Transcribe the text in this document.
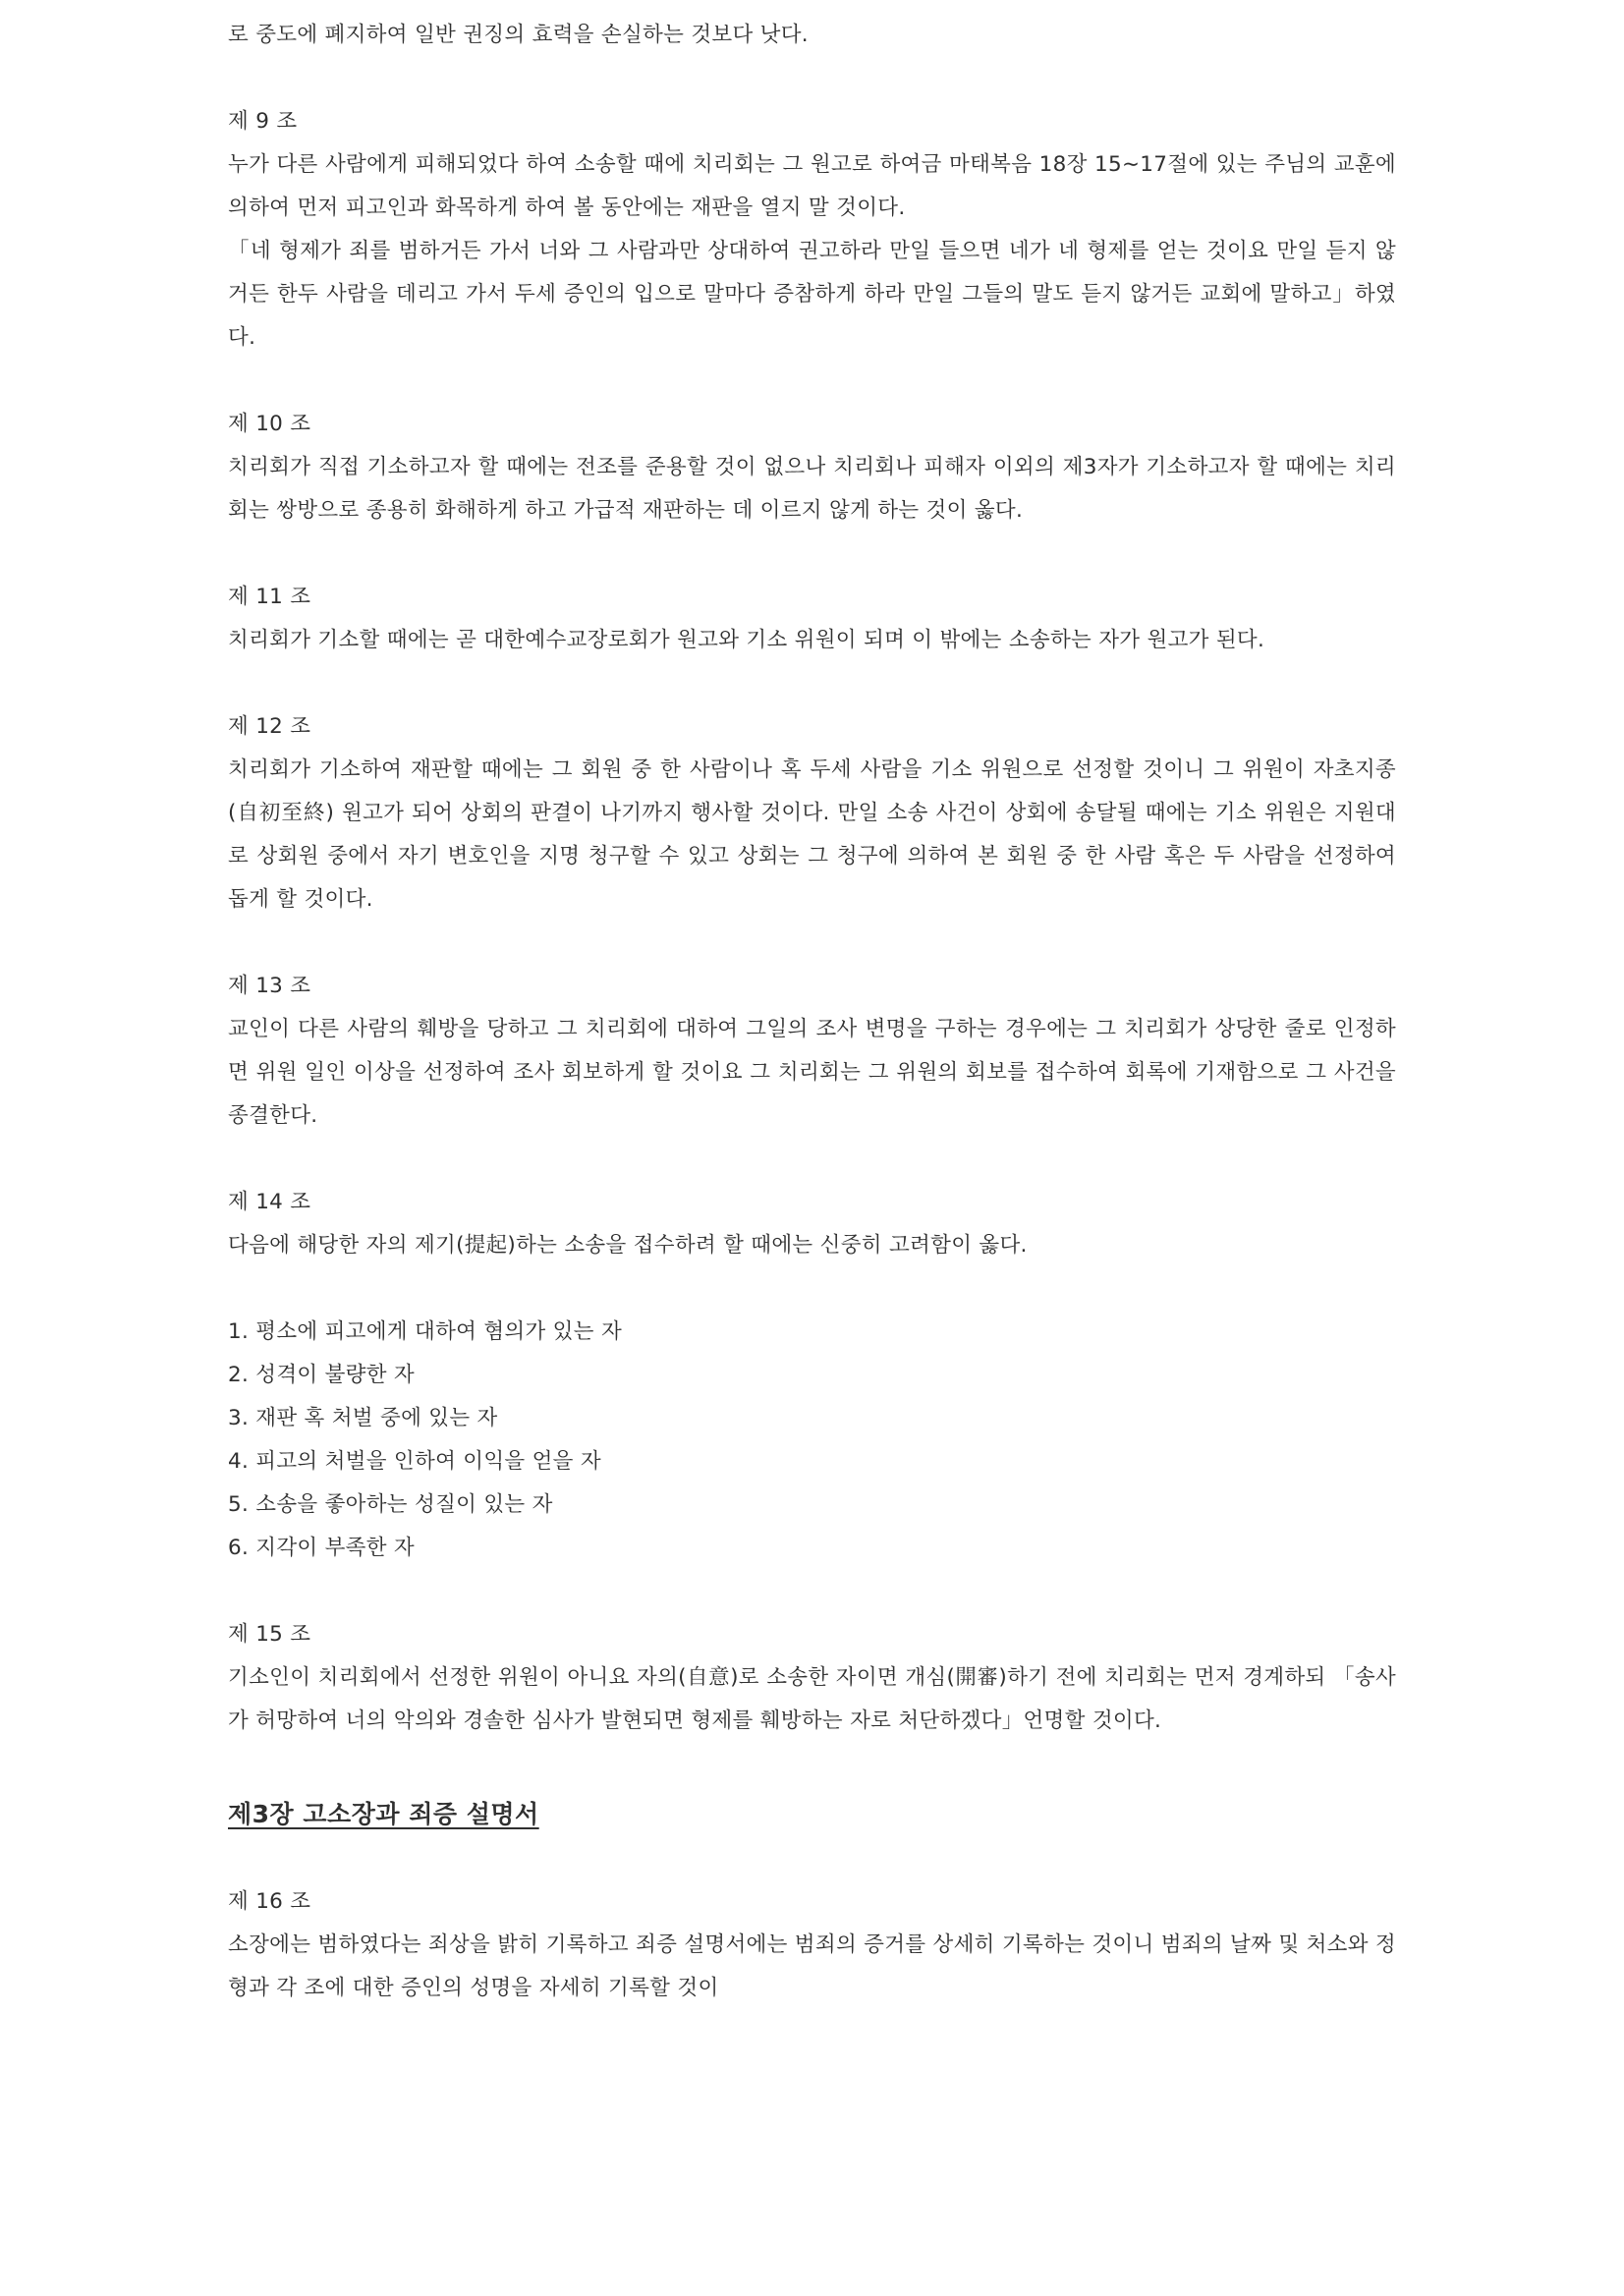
로 중도에 폐지하여 일반 권징의 효력을 손실하는 것보다 낫다.

제 9 조

누가 다른 사람에게 피해되었다 하여 소송할 때에 치리회는 그 원고로 하여금 마태복음 18장 15∼17절에 있는 주님의 교훈에 의하여 먼저 피고인과 화목하게 하여 볼 동안에는 재판을 열지 말 것이다.

「네 형제가 죄를 범하거든 가서 너와 그 사람과만 상대하여 권고하라 만일 들으면 네가 네 형제를 얻는 것이요 만일 듣지 않거든 한두 사람을 데리고 가서 두세 증인의 입으로 말마다 증참하게 하라 만일 그들의 말도 듣지 않거든 교회에 말하고」하였다.

제 10 조

치리회가 직접 기소하고자 할 때에는 전조를 준용할 것이 없으나 치리회나 피해자 이외의 제3자가 기소하고자 할 때에는 치리회는 쌍방으로 종용히 화해하게 하고 가급적 재판하는 데 이르지 않게 하는 것이 옳다.

제 11 조

치리회가 기소할 때에는 곧 대한예수교장로회가 원고와 기소 위원이 되며 이 밖에는 소송하는 자가 원고가 된다.

제 12 조

치리회가 기소하여 재판할 때에는 그 회원 중 한 사람이나 혹 두세 사람을 기소 위원으로 선정할 것이니 그 위원이 자초지종(自初至終) 원고가 되어 상회의 판결이 나기까지 행사할 것이다. 만일 소송 사건이 상회에 송달될 때에는 기소 위원은 지원대로 상회원 중에서 자기 변호인을 지명 청구할 수 있고 상회는 그 청구에 의하여 본 회원 중 한 사람 혹은 두 사람을 선정하여 돕게 할 것이다.

제 13 조

교인이 다른 사람의 훼방을 당하고 그 치리회에 대하여 그일의 조사 변명을 구하는 경우에는 그 치리회가 상당한 줄로 인정하면 위원 일인 이상을 선정하여 조사 회보하게 할 것이요 그 치리회는 그 위원의 회보를 접수하여 회록에 기재함으로 그 사건을 종결한다.

제 14 조

다음에 해당한 자의 제기(提起)하는 소송을 접수하려 할 때에는 신중히 고려함이 옳다.

1. 평소에 피고에게 대하여 혐의가 있는 자

2. 성격이 불량한 자

3. 재판 혹 처벌 중에 있는 자

4. 피고의 처벌을 인하여 이익을 얻을 자

5. 소송을 좋아하는 성질이 있는 자

6. 지각이 부족한 자

제 15 조

기소인이 치리회에서 선정한 위원이 아니요 자의(自意)로 소송한 자이면 개심(開審)하기 전에 치리회는 먼저 경계하되 「송사가 허망하여 너의 악의와 경솔한 심사가 발현되면 형제를 훼방하는 자로 처단하겠다」언명할 것이다.

제3장 고소장과 죄증 설명서

제 16 조

소장에는 범하였다는 죄상을 밝히 기록하고 죄증 설명서에는 범죄의 증거를 상세히 기록하는 것이니 범죄의 날짜 및 처소와 정형과 각 조에 대한 증인의 성명을 자세히 기록할 것이
